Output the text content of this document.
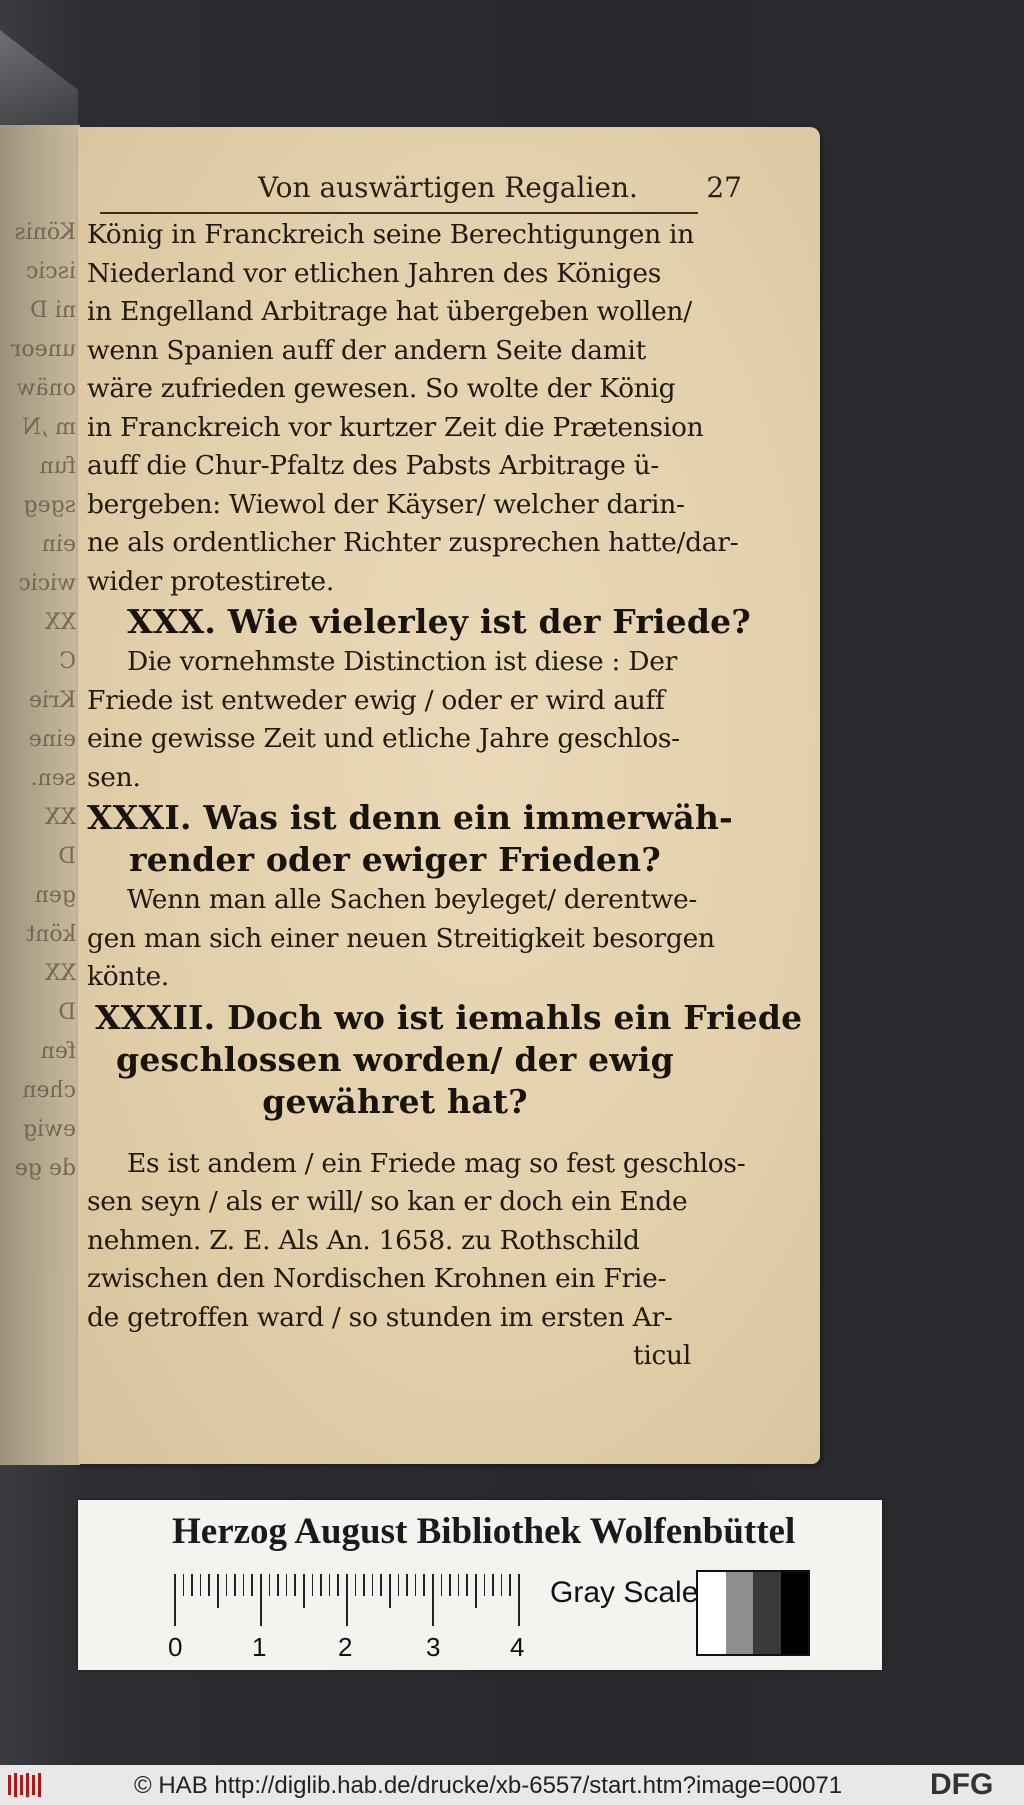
Könis
iscic
ni D
uneor
onäw
m ,N
fun
sgeg
ein
wicic
XX
C
Krie
eine
sen.
XX
D
gen
könt
XX
D
fen
chen
ewig
de ge
Von auswärtigen Regalien. 27
König in Franckreich seine Berechtigungen in
Niederland vor etlichen Jahren des Königes
in Engelland Arbitrage hat übergeben wollen/
wenn Spanien auff der andern Seite damit
wäre zufrieden gewesen. So wolte der König
in Franckreich vor kurtzer Zeit die Prætension
auff die Chur-Pfaltz des Pabsts Arbitrage ü-
bergeben: Wiewol der Käyser/ welcher darin-
ne als ordentlicher Richter zusprechen hatte/dar-
wider protestirete.
XXX. Wie vielerley ist der Friede?
Die vornehmste Distinction ist diese : Der
Friede ist entweder ewig / oder er wird auff
eine gewisse Zeit und etliche Jahre geschlos-
sen.
XXXI. Was ist denn ein immerwäh-
render oder ewiger Frieden?
Wenn man alle Sachen beyleget/ derentwe-
gen man sich einer neuen Streitigkeit besorgen
könte.
XXXII. Doch wo ist iemahls ein Friede
geschlossen worden/ der ewig
gewähret hat?
Es ist andem / ein Friede mag so fest geschlos-
sen seyn / als er will/ so kan er doch ein Ende
nehmen. Z. E. Als An. 1658. zu Rothschild
zwischen den Nordischen Krohnen ein Frie-
de getroffen ward / so stunden im ersten Ar-
ticul
Herzog August Bibliothek Wolfenbüttel
0	1	2	3	4
Gray Scale
© HAB http://diglib.hab.de/drucke/xb-6557/start.htm?image=00071	DFG
